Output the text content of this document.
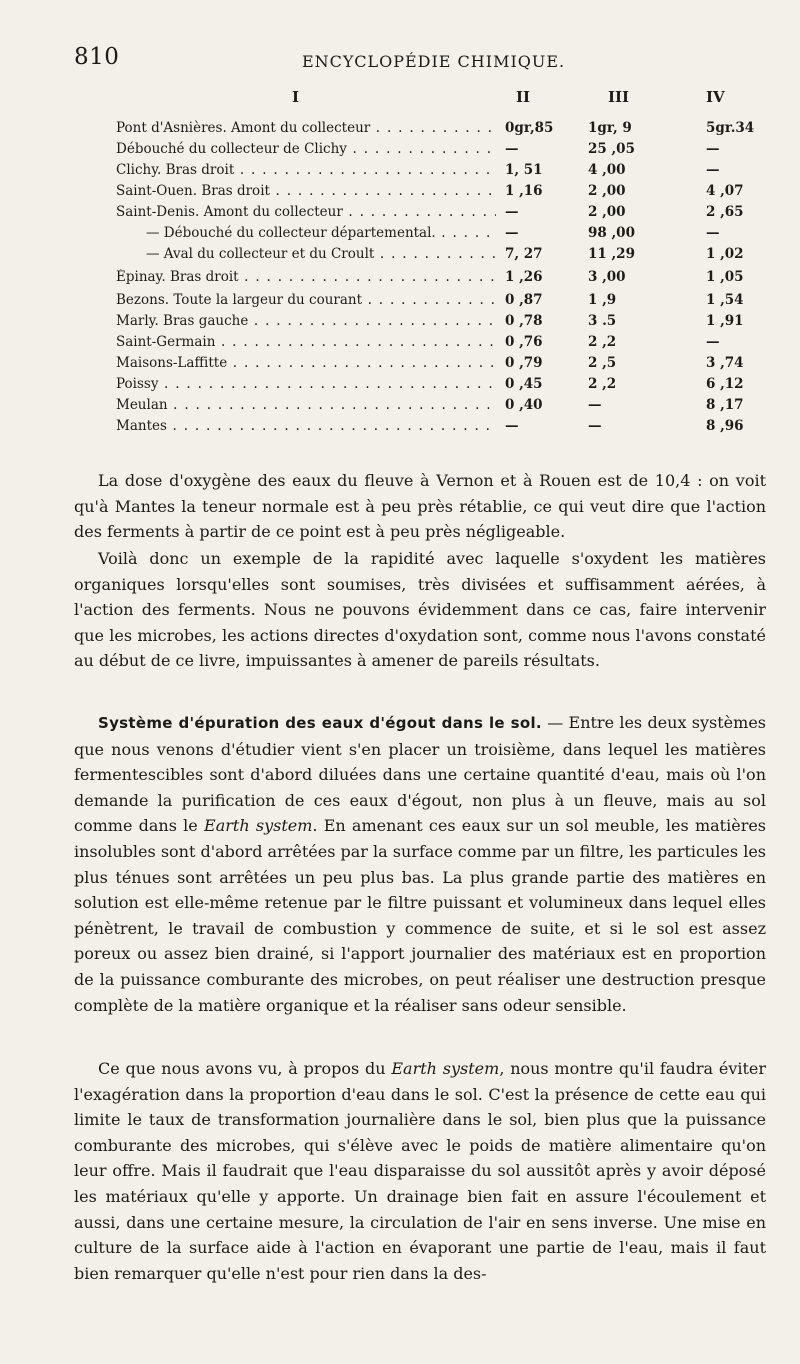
810	ENCYCLOPÉDIE CHIMIQUE.
I	II	III	IV
Pont d'Asnières. Amont du collecteur . . .	0gr,85	1gr, 9	5gr.34
Débouché du collecteur de Clichy . . .	—	25 ,05	—
Clichy. Bras droit . . .	1, 51	4 ,00	—
Saint-Ouen. Bras droit . . .	1 ,16	2 ,00	4 ,07
Saint-Denis. Amont du collecteur . . .	—	2 ,00	2 ,65
— Débouché du collecteur départemental. . . .	—	98 ,00	—
— Aval du collecteur et du Croult . . .	7, 27	11 ,29	1 ,02
Épinay. Bras droit . . .	1 ,26	3 ,00	1 ,05
Bezons. Toute la largeur du courant . . .	0 ,87	1 ,9	1 ,54
Marly. Bras gauche . . .	0 ,78	3 .5	1 ,91
Saint-Germain . . .	0 ,76	2 ,2	—
Maisons-Laffitte . . .	0 ,79	2 ,5	3 ,74
Poissy . . .	0 ,45	2 ,2	6 ,12
Meulan . . .	0 ,40	—	8 ,17
Mantes . . .	—	—	8 ,96

La dose d'oxygène des eaux du fleuve à Vernon et à Rouen est de 10,4 : on voit qu'à Mantes la teneur normale est à peu près rétablie, ce qui veut dire que l'action des ferments à partir de ce point est à peu près négligeable.

Voilà donc un exemple de la rapidité avec laquelle s'oxydent les matières organiques lorsqu'elles sont soumises, très divisées et suffisamment aérées, à l'action des ferments. Nous ne pouvons évidemment dans ce cas, faire intervenir que les microbes, les actions directes d'oxydation sont, comme nous l'avons constaté au début de ce livre, impuissantes à amener de pareils résultats.

Système d'épuration des eaux d'égout dans le sol. — Entre les deux systèmes que nous venons d'étudier vient s'en placer un troisième, dans lequel les matières fermentescibles sont d'abord diluées dans une certaine quantité d'eau, mais où l'on demande la purification de ces eaux d'égout, non plus à un fleuve, mais au sol comme dans le Earth system. En amenant ces eaux sur un sol meuble, les matières insolubles sont d'abord arrêtées par la surface comme par un filtre, les particules les plus ténues sont arrêtées un peu plus bas. La plus grande partie des matières en solution est elle-même retenue par le filtre puissant et volumineux dans lequel elles pénètrent, le travail de combustion y commence de suite, et si le sol est assez poreux ou assez bien drainé, si l'apport journalier des matériaux est en proportion de la puissance comburante des microbes, on peut réaliser une destruction presque complète de la matière organique et la réaliser sans odeur sensible.

Ce que nous avons vu, à propos du Earth system, nous montre qu'il faudra éviter l'exagération dans la proportion d'eau dans le sol. C'est la présence de cette eau qui limite le taux de transformation journalière dans le sol, bien plus que la puissance comburante des microbes, qui s'élève avec le poids de matière alimentaire qu'on leur offre. Mais il faudrait que l'eau disparaisse du sol aussitôt après y avoir déposé les matériaux qu'elle y apporte. Un drainage bien fait en assure l'écoulement et aussi, dans une certaine mesure, la circulation de l'air en sens inverse. Une mise en culture de la surface aide à l'action en évaporant une partie de l'eau, mais il faut bien remarquer qu'elle n'est pour rien dans la des-
